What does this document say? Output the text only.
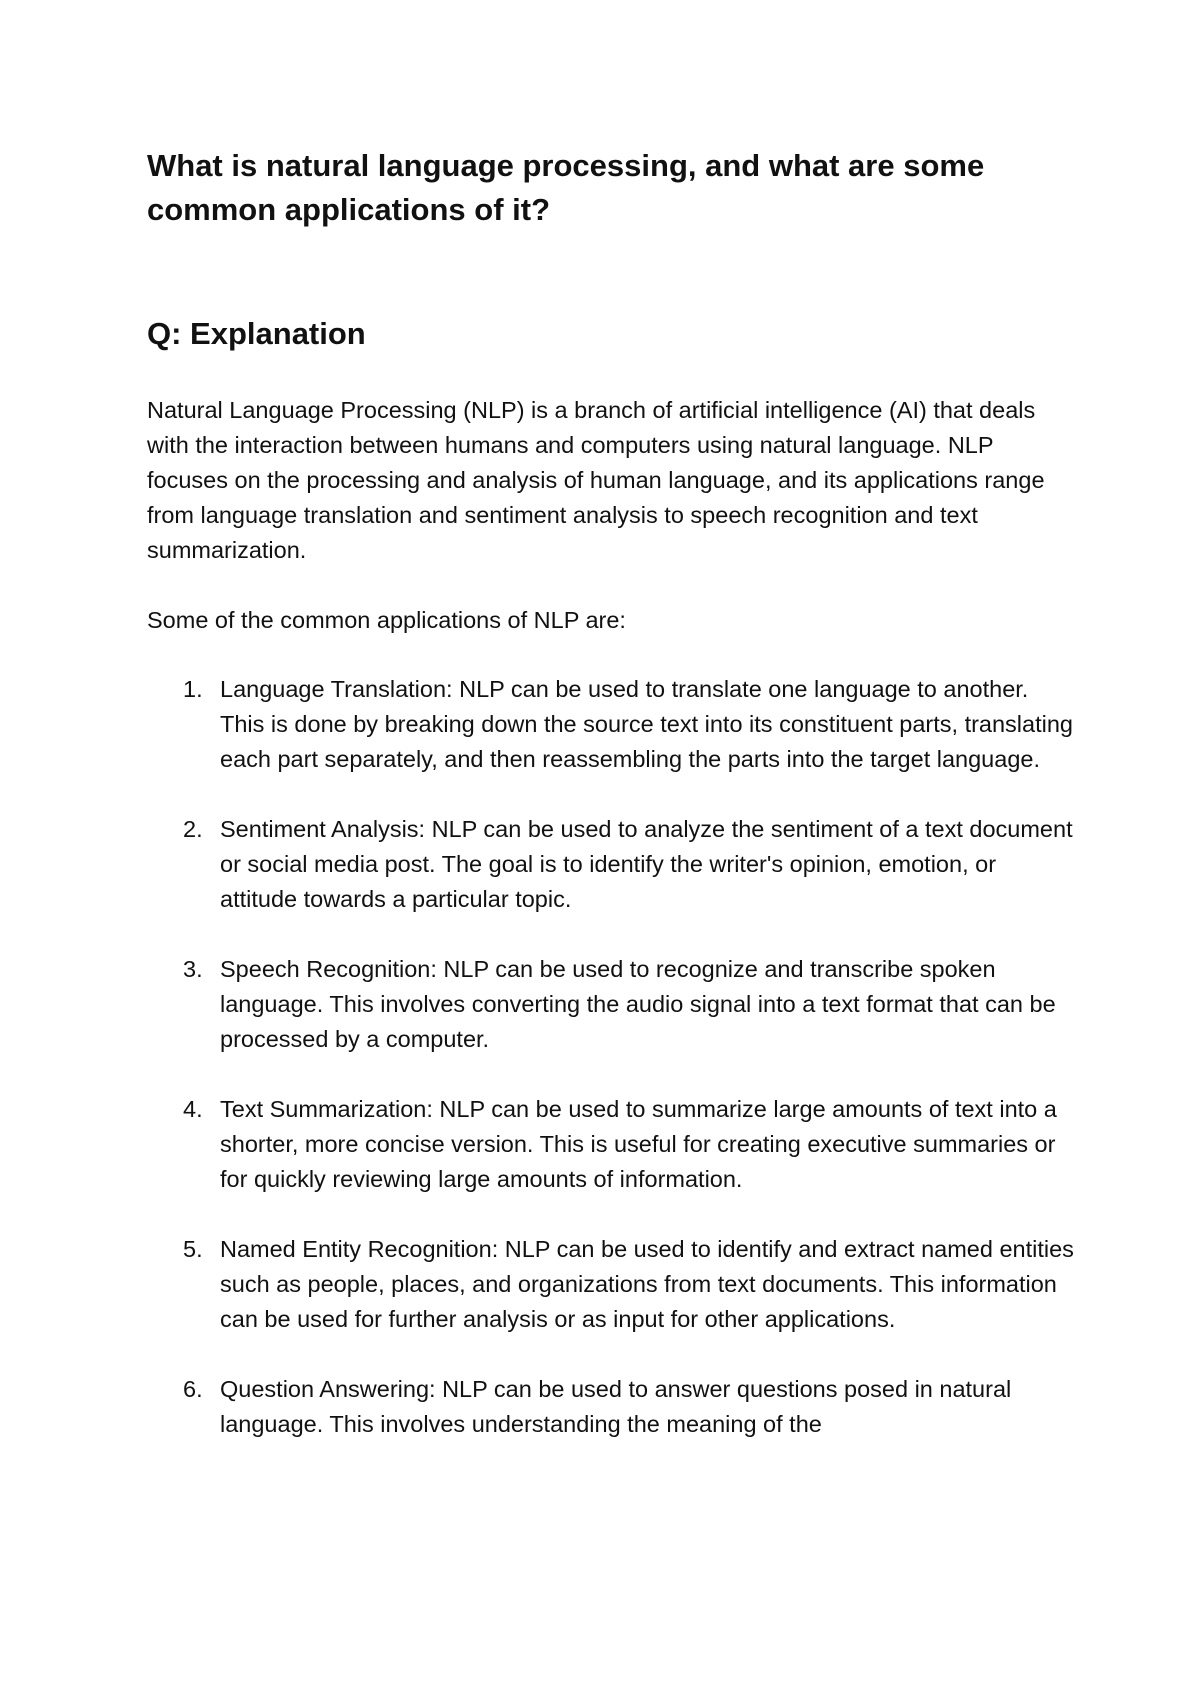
What is natural language processing, and what are some common applications of it?
Q: Explanation

Natural Language Processing (NLP) is a branch of artificial intelligence (AI) that deals with the interaction between humans and computers using natural language. NLP focuses on the processing and analysis of human language, and its applications range from language translation and sentiment analysis to speech recognition and text summarization.

Some of the common applications of NLP are:

1. Language Translation: NLP can be used to translate one language to another. This is done by breaking down the source text into its constituent parts, translating each part separately, and then reassembling the parts into the target language.
2. Sentiment Analysis: NLP can be used to analyze the sentiment of a text document or social media post. The goal is to identify the writer's opinion, emotion, or attitude towards a particular topic.
3. Speech Recognition: NLP can be used to recognize and transcribe spoken language. This involves converting the audio signal into a text format that can be processed by a computer.
4. Text Summarization: NLP can be used to summarize large amounts of text into a shorter, more concise version. This is useful for creating executive summaries or for quickly reviewing large amounts of information.
5. Named Entity Recognition: NLP can be used to identify and extract named entities such as people, places, and organizations from text documents. This information can be used for further analysis or as input for other applications.
6. Question Answering: NLP can be used to answer questions posed in natural language. This involves understanding the meaning of the
